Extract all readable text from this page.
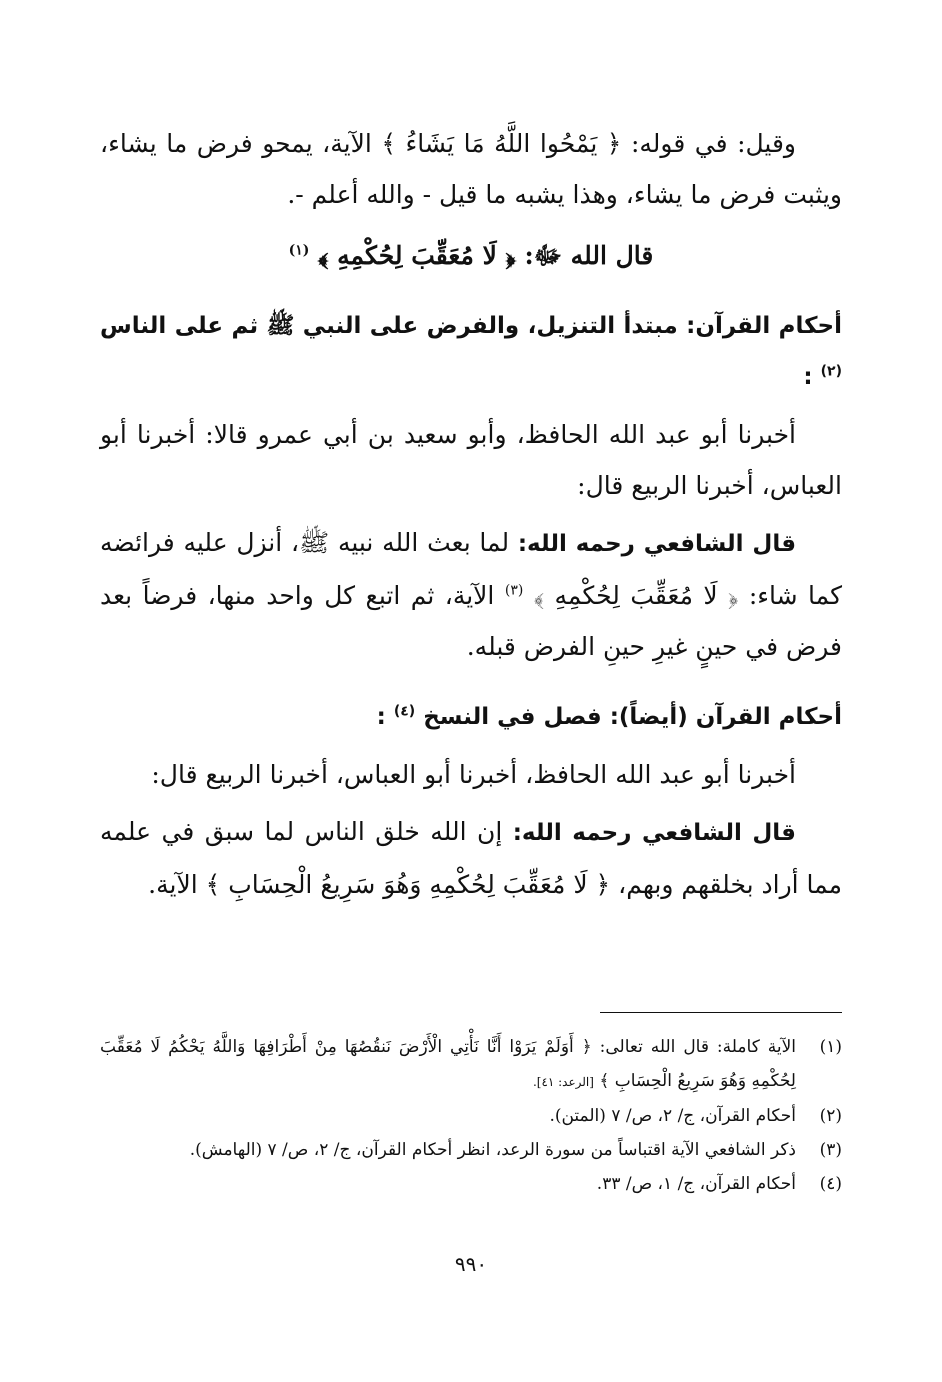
وقيل: في قوله: ﴿ يَمْحُوا اللَّهُ مَا يَشَاءُ ﴾ الآية، يمحو فرض ما يشاء، ويثبت فرض ما يشاء، وهذا يشبه ما قيل - والله أعلم -.

قال الله ﷻ: ﴿ لَا مُعَقِّبَ لِحُكْمِهِ ﴾ $^{(١)}$

أحكام القرآن: مبتدأ التنزيل، والفرض على النبي ﷺ ثم على الناس $^{(٢)}$ :

أخبرنا أبو عبد الله الحافظ، وأبو سعيد بن أبي عمرو قالا: أخبرنا أبو العباس، أخبرنا الربيع قال:

قال الشافعي رحمه الله: لما بعث الله نبيه ﷺ، أنزل عليه فرائضه كما شاء: ﴿ لَا مُعَقِّبَ لِحُكْمِهِ ﴾ $^{(٣)}$ الآية، ثم اتبع كل واحد منها، فرضاً بعد فرض في حينٍ غيرِ حينِ الفرض قبله.

أحكام القرآن (أيضاً): فصل في النسخ $^{(٤)}$ :

أخبرنا أبو عبد الله الحافظ، أخبرنا أبو العباس، أخبرنا الربيع قال:

قال الشافعي رحمه الله: إن الله خلق الناس لما سبق في علمه مما أراد بخلقهم وبهم، ﴿ لَا مُعَقِّبَ لِحُكْمِهِ وَهُوَ سَرِيعُ الْحِسَابِ ﴾ الآية.

(١)
الآية كاملة: قال الله تعالى: ﴿ أَوَلَمْ يَرَوْا أَنَّا نَأْتِي الْأَرْضَ نَنقُصُهَا مِنْ أَطْرَافِهَا وَاللَّهُ يَحْكُمُ لَا مُعَقِّبَ لِحُكْمِهِ وَهُوَ سَرِيعُ الْحِسَابِ ﴾ [الرعد: ٤١].
(٢)
أحكام القرآن، ج/ ٢، ص/ ٧ (المتن).
(٣)
ذكر الشافعي الآية اقتباساً من سورة الرعد، انظر أحكام القرآن، ج/ ٢، ص/ ٧ (الهامش).
(٤)
أحكام القرآن، ج/ ١، ص/ ٣٣.
٩٩٠
